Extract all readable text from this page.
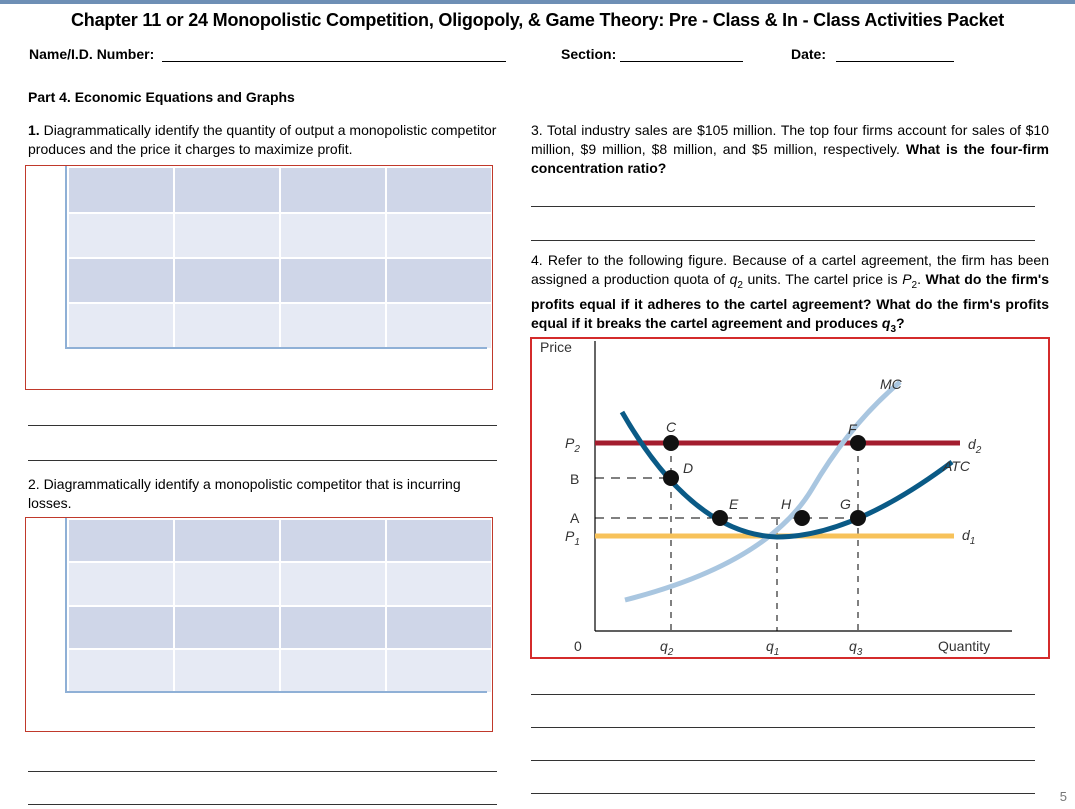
Chapter 11 or 24 Monopolistic Competition, Oligopoly, & Game Theory: Pre - Class & In - Class Activities Packet
Name/I.D. Number:	Section:	Date:
Part 4. Economic Equations and Graphs
1. Diagrammatically identify the quantity of output a monopolistic competitor produces and the price it charges to maximize profit.
2. Diagrammatically identify a monopolistic competitor that is incurring losses.
3. Total industry sales are $105 million. The top four firms account for sales of $10 million, $9 million, $8 million, and $5 million, respectively. What is the four-firm concentration ratio?
4. Refer to the following figure. Because of a cartel agreement, the firm has been assigned a production quota of $q_2$ units. The cartel price is $P_2$. What do the firm's profits equal if it adheres to the cartel agreement? What do the firm's profits equal if it breaks the cartel agreement and produces $q_3$?
Price
Quantity
0
$P_2$
B
A
$P_1$
$q_2$	$q_1$	$q_3$
MC
ATC
$d_2$
$d_1$
C
D
E	H
F
G
5
